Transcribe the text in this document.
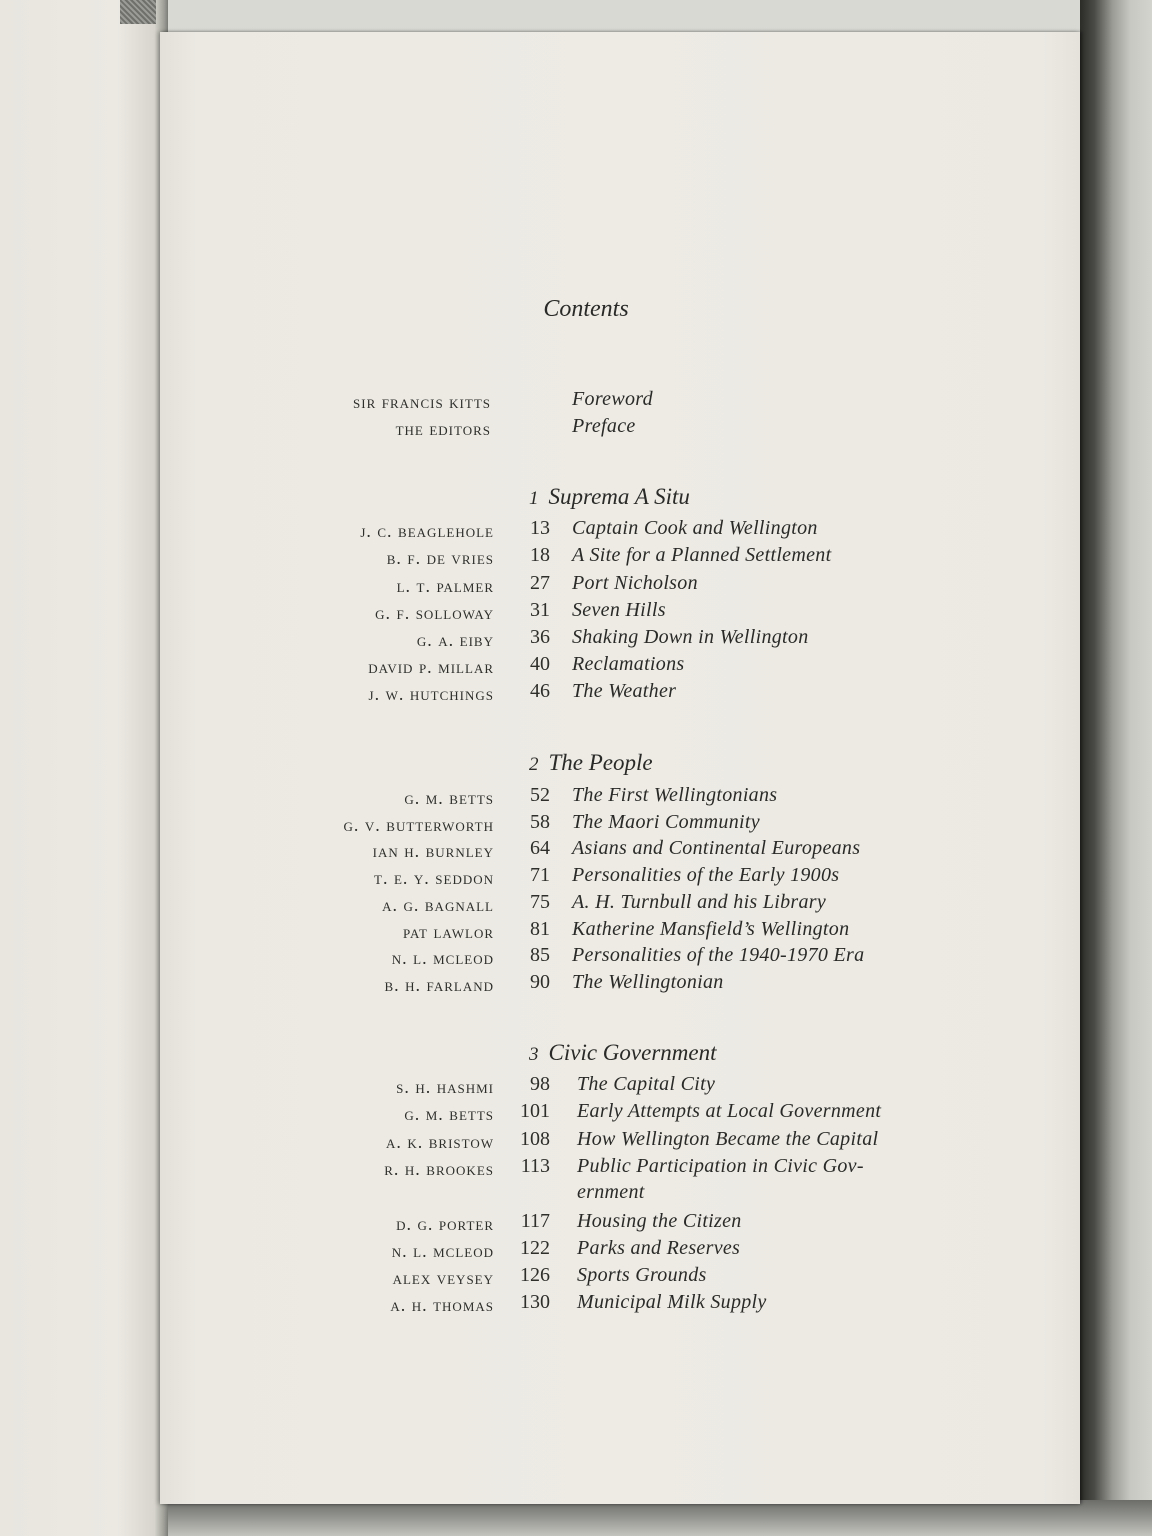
Contents
sir francis kitts	Foreword
the editors	Preface
1 Suprema A Situ
j. c. beaglehole 13 Captain Cook and Wellington
b. f. de vries 18 A Site for a Planned Settlement
l. t. palmer 27 Port Nicholson
g. f. solloway 31 Seven Hills
g. a. eiby 36 Shaking Down in Wellington
david p. millar 40 Reclamations
j. w. hutchings 46 The Weather
2 The People
g. m. betts 52 The First Wellingtonians
g. v. butterworth 58 The Maori Community
ian h. burnley 64 Asians and Continental Europeans
t. e. y. seddon 71 Personalities of the Early 1900s
a. g. bagnall 75 A. H. Turnbull and his Library
pat lawlor 81 Katherine Mansfield’s Wellington
n. l. mcleod 85 Personalities of the 1940-1970 Era
b. h. farland 90 The Wellingtonian
3 Civic Government
s. h. hashmi 98 The Capital City
g. m. betts 101 Early Attempts at Local Government
a. k. bristow 108 How Wellington Became the Capital
r. h. brookes 113 Public Participation in Civic Gov-
ernment
d. g. porter 117 Housing the Citizen
n. l. mcleod 122 Parks and Reserves
alex veysey 126 Sports Grounds
a. h. thomas 130 Municipal Milk Supply
